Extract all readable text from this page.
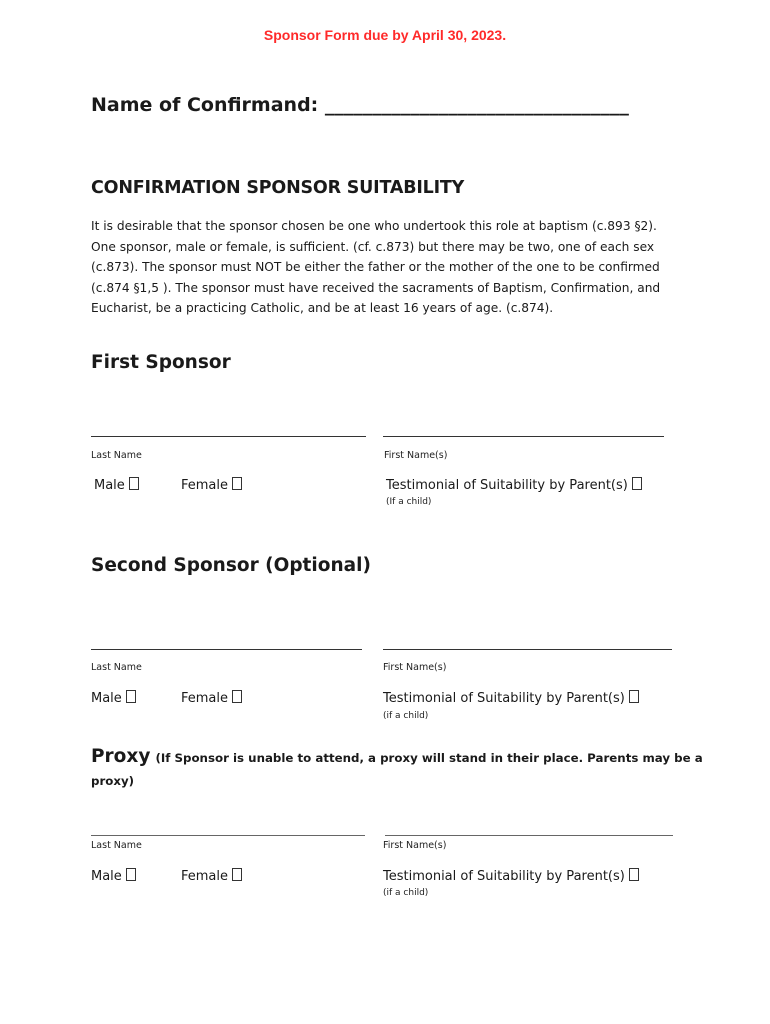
Sponsor Form due by April 30, 2023.
Name of Confirmand: ________________________________
CONFIRMATION SPONSOR SUITABILITY

It is desirable that the sponsor chosen be one who undertook this role at baptism (c.893 §2).

One sponsor, male or female, is sufficient. (cf. c.873) but there may be two, one of each sex

(c.873). The sponsor must NOT be either the father or the mother of the one to be confirmed

(c.874 §1,5 ). The sponsor must have received the sacraments of Baptism, Confirmation, and

Eucharist, be a practicing Catholic, and be at least 16 years of age. (c.874).

First Sponsor
Last Name	First Name(s)
Male	Female	Testimonial of Suitability by Parent(s)
(If a child)
Second Sponsor (Optional)
Last Name	First Name(s)
Male	Female	Testimonial of Suitability by Parent(s)
(if a child)
Proxy (If Sponsor is unable to attend, a proxy will stand in their place. Parents may be a
proxy)
Last Name	First Name(s)
Male	Female	Testimonial of Suitability by Parent(s)
(if a child)
